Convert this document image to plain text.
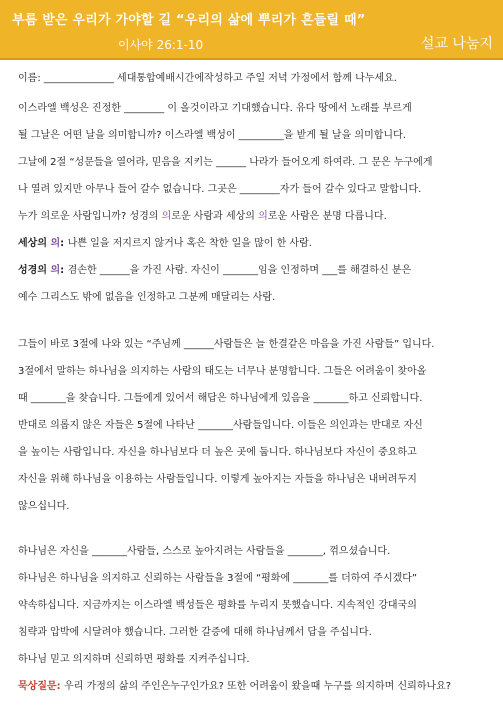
부름 받은 우리가 가야할 길 “우리의 삶에 뿌리가 흔들릴 때”
이사야 26:1-10	설교 나눔지
이름: ______________ 세대통합예배시간에작성하고 주일 저녁 가정에서 함께 나누세요.
이스라엘 백성은 진정한 ________ 이 올것이라고 기대했습니다. 유다 땅에서 노래를 부르게
될 그날은 어떤 날을 의미합니까? 이스라엘 백성이 _________을 받게 될 날을 의미합니다.
그날에 2절 “성문들을 열어라, 믿음을 지키는 ______ 나라가 들어오게 하여라. 그 문은 누구에게
나 열려 있지만 아무나 들어 갈수 없습니다. 그곳은 ________자가 들어 갈수 있다고 말합니다.
누가 의로운 사람입니까? 성경의 의로운 사람과 세상의 의로운 사람은 분명 다릅니다.
세상의 의: 나쁜 일을 저지르지 않거나 혹은 착한 일을 많이 한 사람.
성경의 의: 겸손한 ______을 가진 사람. 자신이 _______임을 인정하며 ___를 해결하신 분은
예수 그리스도 밖에 없음을 인정하고 그분께 매달리는 사람.
그들이 바로 3절에 나와 있는 “주님께 ______사람들은 늘 한결같은 마음을 가진 사람들” 입니다.
3절에서 말하는 하나님을 의지하는 사람의 태도는 너무나 분명합니다. 그들은 어려움이 찾아올
때 _______을 찾습니다. 그들에게 있어서 해답은 하나님에게 있음을 _______하고 신뢰합니다.
반대로 의롭지 않은 자들은 5절에 나타난 _______사람들입니다. 이들은 의인과는 반대로 자신
을 높이는 사람입니다. 자신을 하나님보다 더 높은 곳에 둡니다. 하나님보다 자신이 중요하고
자신을 위해 하나님을 이용하는 사람들입니다. 이렇게 높아지는 자들을 하나님은 내버려두지
않으십니다.
하나님은 자신을 _______사람들, 스스로 높아지려는 사람들을 _______, 꺾으셨습니다.
하나님은 하나님을 의지하고 신뢰하는 사람들을 3절에 “평화에 _______를 더하여 주시겠다”
약속하십니다. 지금까지는 이스라엘 백성들은 평화를 누리지 못했습니다. 지속적인 강대국의
침략과 압박에 시달려야 했습니다. 그러한 갈증에 대해 하나님께서 답을 주십니다.
하나님 믿고 의지하며 신뢰하면 평화를 지켜주십니다.
묵상질문: 우리 가정의 삶의 주인은누구인가요? 또한 어려움이 왔을때 누구를 의지하며 신뢰하나요?
